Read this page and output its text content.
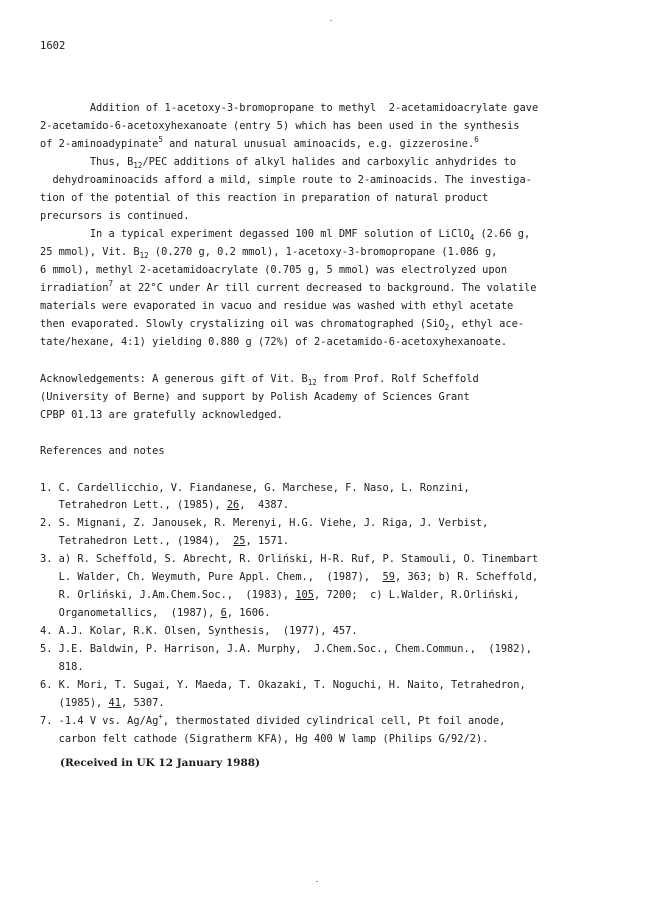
1602
Addition of 1-acetoxy-3-bromopropane to methyl  2-acetamidoacrylate gave
2-acetamido-6-acetoxyhexanoate (entry 5) which has been used in the synthesis
of 2-aminoadypinate$^5$ and natural unusual aminoacids, e.g. gizzerosine.$^6$
Thus, $B_{12}$/PEC additions of alkyl halides and carboxylic anhydrides to
dehydroaminoacids afford a mild, simple route to 2-aminoacids. The investiga-
tion of the potential of this reaction in preparation of natural product
precursors is continued.
In a typical experiment degassed 100 ml DMF solution of LiClO$_4$ (2.66 g,
25 mmol), Vit. $B_{12}$ (0.270 g, 0.2 mmol), 1-acetoxy-3-bromopropane (1.086 g,
6 mmol), methyl 2-acetamidoacrylate (0.705 g, 5 mmol) was electrolyzed upon
irradiation$^7$ at 22°C under Ar till current decreased to background. The volatile
materials were evaporated in vacuo and residue was washed with ethyl acetate
then evaporated. Slowly crystalizing oil was chromatographed (SiO$_2$, ethyl ace-
tate/hexane, 4:1) yielding 0.880 g (72%) of 2-acetamido-6-acetoxyhexanoate.
Acknowledgements: A generous gift of Vit. $B_{12}$ from Prof. Rolf Scheffold
(University of Berne) and support by Polish Academy of Sciences Grant
CPBP 01.13 are gratefully acknowledged.
References and notes
1. C. Cardellicchio, V. Fiandanese, G. Marchese, F. Naso, L. Ronzini,
Tetrahedron Lett., (1985), 26,  4387.
2. S. Mignani, Z. Janousek, R. Merenyi, H.G. Viehe, J. Riga, J. Verbist,
Tetrahedron Lett., (1984),  25, 1571.
3. a) R. Scheffold, S. Abrecht, R. Orliński, H-R. Ruf, P. Stamouli, O. Tinembart
L. Walder, Ch. Weymuth, Pure Appl. Chem.,  (1987),  59, 363; b) R. Scheffold,
R. Orliński, J.Am.Chem.Soc.,  (1983), 105, 7200;  c) L.Walder, R.Orliński,
Organometallics,  (1987), 6, 1606.
4. A.J. Kolar, R.K. Olsen, Synthesis,  (1977), 457.
5. J.E. Baldwin, P. Harrison, J.A. Murphy,  J.Chem.Soc., Chem.Commun.,  (1982),
818.
6. K. Mori, T. Sugai, Y. Maeda, T. Okazaki, T. Noguchi, H. Naito, Tetrahedron,
(1985), 41, 5307.
7. -1.4 V vs. Ag/Ag+, thermostated divided cylindrical cell, Pt foil anode,
carbon felt cathode (Sigratherm KFA), Hg 400 W lamp (Philips G/92/2).
(Received in UK 12 January 1988)
